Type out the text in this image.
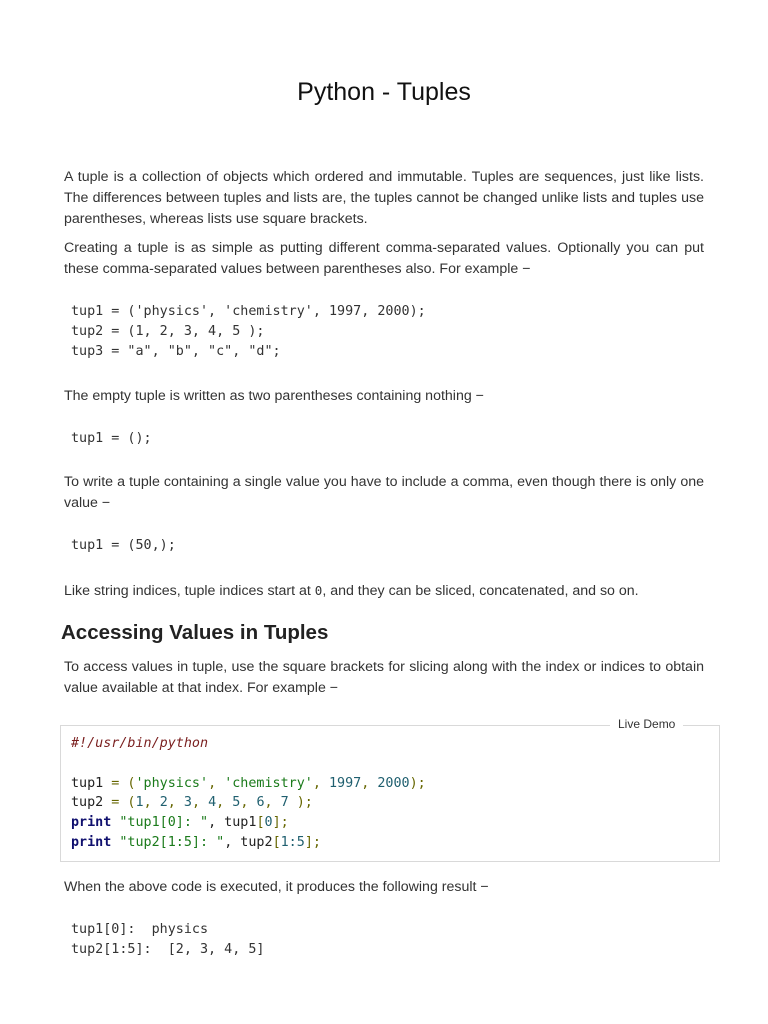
Python - Tuples

A tuple is a collection of objects which ordered and immutable. Tuples are sequences, just like lists. The differences between tuples and lists are, the tuples cannot be changed unlike lists and tuples use parentheses, whereas lists use square brackets.

Creating a tuple is as simple as putting different comma-separated values. Optionally you can put these comma-separated values between parentheses also. For example −

tup1 = ('physics', 'chemistry', 1997, 2000);
tup2 = (1, 2, 3, 4, 5 );
tup3 = "a", "b", "c", "d";

The empty tuple is written as two parentheses containing nothing −

tup1 = ();

To write a tuple containing a single value you have to include a comma, even though there is only one value −

tup1 = (50,);

Like string indices, tuple indices start at 0, and they can be sliced, concatenated, and so on.

Accessing Values in Tuples

To access values in tuple, use the square brackets for slicing along with the index or indices to obtain value available at that index. For example −

Live Demo
#!/usr/bin/python

tup1 = ('physics', 'chemistry', 1997, 2000);
tup2 = (1, 2, 3, 4, 5, 6, 7 );
print "tup1[0]: ", tup1[0];
print "tup2[1:5]: ", tup2[1:5];

When the above code is executed, it produces the following result −

tup1[0]:  physics
tup2[1:5]:  [2, 3, 4, 5]
